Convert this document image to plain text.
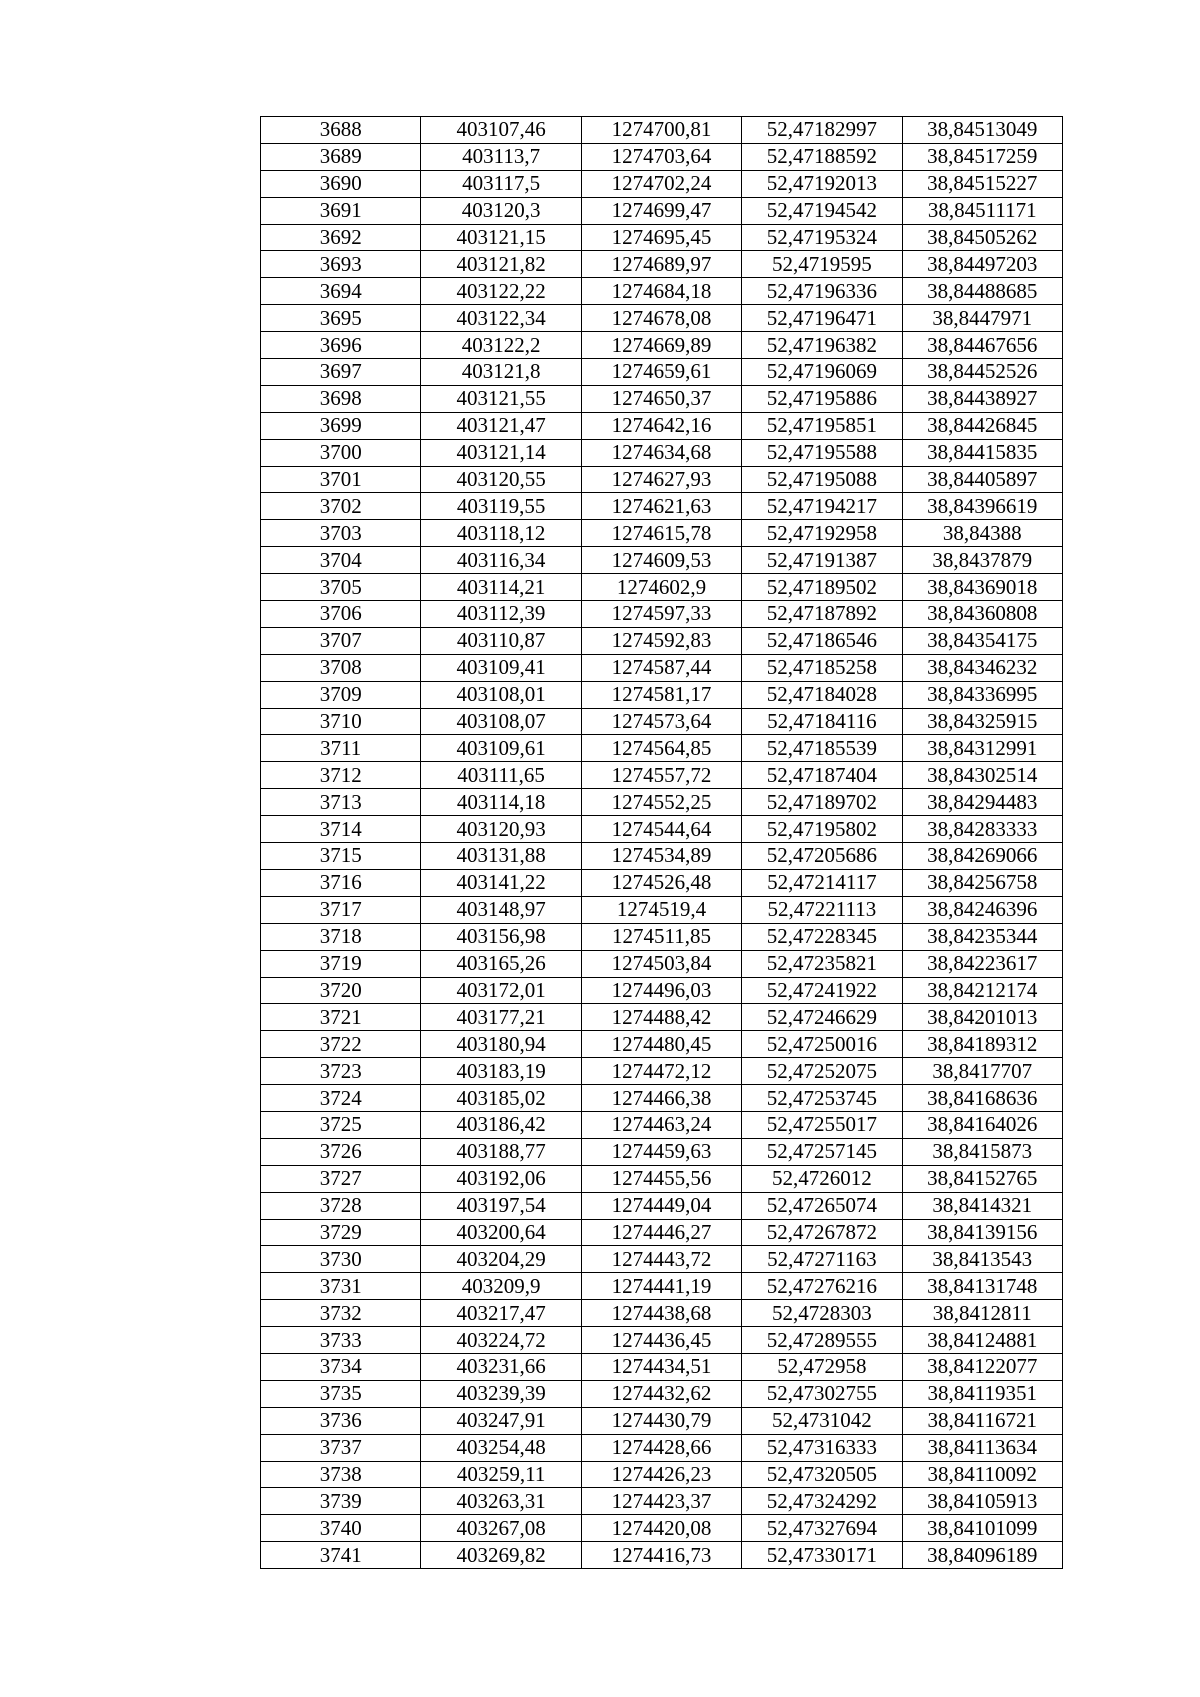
3688	403107,46	1274700,81	52,47182997	38,84513049
3689	403113,7	1274703,64	52,47188592	38,84517259
3690	403117,5	1274702,24	52,47192013	38,84515227
3691	403120,3	1274699,47	52,47194542	38,84511171
3692	403121,15	1274695,45	52,47195324	38,84505262
3693	403121,82	1274689,97	52,4719595	38,84497203
3694	403122,22	1274684,18	52,47196336	38,84488685
3695	403122,34	1274678,08	52,47196471	38,8447971
3696	403122,2	1274669,89	52,47196382	38,84467656
3697	403121,8	1274659,61	52,47196069	38,84452526
3698	403121,55	1274650,37	52,47195886	38,84438927
3699	403121,47	1274642,16	52,47195851	38,84426845
3700	403121,14	1274634,68	52,47195588	38,84415835
3701	403120,55	1274627,93	52,47195088	38,84405897
3702	403119,55	1274621,63	52,47194217	38,84396619
3703	403118,12	1274615,78	52,47192958	38,84388
3704	403116,34	1274609,53	52,47191387	38,8437879
3705	403114,21	1274602,9	52,47189502	38,84369018
3706	403112,39	1274597,33	52,47187892	38,84360808
3707	403110,87	1274592,83	52,47186546	38,84354175
3708	403109,41	1274587,44	52,47185258	38,84346232
3709	403108,01	1274581,17	52,47184028	38,84336995
3710	403108,07	1274573,64	52,47184116	38,84325915
3711	403109,61	1274564,85	52,47185539	38,84312991
3712	403111,65	1274557,72	52,47187404	38,84302514
3713	403114,18	1274552,25	52,47189702	38,84294483
3714	403120,93	1274544,64	52,47195802	38,84283333
3715	403131,88	1274534,89	52,47205686	38,84269066
3716	403141,22	1274526,48	52,47214117	38,84256758
3717	403148,97	1274519,4	52,47221113	38,84246396
3718	403156,98	1274511,85	52,47228345	38,84235344
3719	403165,26	1274503,84	52,47235821	38,84223617
3720	403172,01	1274496,03	52,47241922	38,84212174
3721	403177,21	1274488,42	52,47246629	38,84201013
3722	403180,94	1274480,45	52,47250016	38,84189312
3723	403183,19	1274472,12	52,47252075	38,8417707
3724	403185,02	1274466,38	52,47253745	38,84168636
3725	403186,42	1274463,24	52,47255017	38,84164026
3726	403188,77	1274459,63	52,47257145	38,8415873
3727	403192,06	1274455,56	52,4726012	38,84152765
3728	403197,54	1274449,04	52,47265074	38,8414321
3729	403200,64	1274446,27	52,47267872	38,84139156
3730	403204,29	1274443,72	52,47271163	38,8413543
3731	403209,9	1274441,19	52,47276216	38,84131748
3732	403217,47	1274438,68	52,4728303	38,8412811
3733	403224,72	1274436,45	52,47289555	38,84124881
3734	403231,66	1274434,51	52,472958	38,84122077
3735	403239,39	1274432,62	52,47302755	38,84119351
3736	403247,91	1274430,79	52,4731042	38,84116721
3737	403254,48	1274428,66	52,47316333	38,84113634
3738	403259,11	1274426,23	52,47320505	38,84110092
3739	403263,31	1274423,37	52,47324292	38,84105913
3740	403267,08	1274420,08	52,47327694	38,84101099
3741	403269,82	1274416,73	52,47330171	38,84096189
